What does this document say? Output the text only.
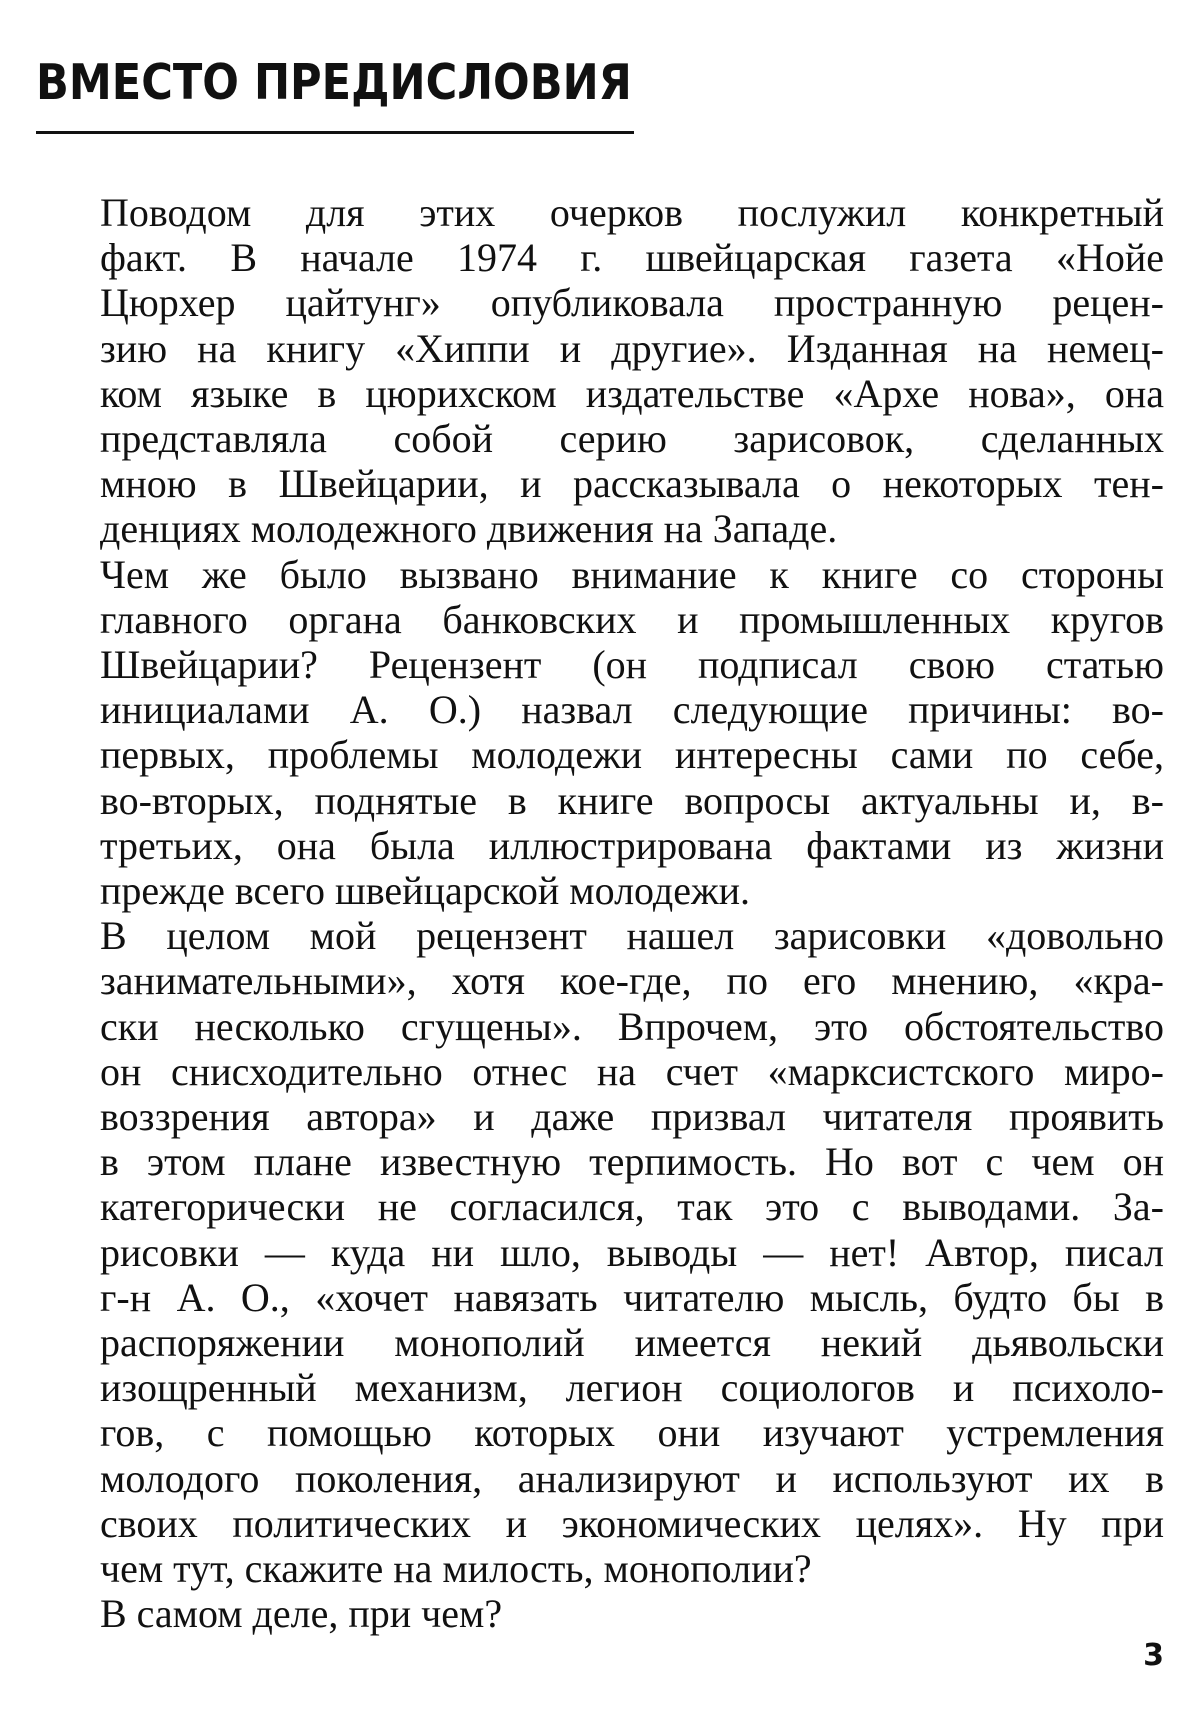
ВМЕСТО ПРЕДИСЛОВИЯ

Поводом для этих очерков послужил конкретный
факт. В начале 1974 г. швейцарская газета «Нойе
Цюрхер цайтунг» опубликовала пространную рецен-
зию на книгу «Хиппи и другие». Изданная на немец-
ком языке в цюрихском издательстве «Архе нова», она
представляла собой серию зарисовок, сделанных
мною в Швейцарии, и рассказывала о некоторых тен-
денциях молодежного движения на Западе.

Чем же было вызвано внимание к книге со стороны
главного органа банковских и промышленных кругов
Швейцарии? Рецензент (он подписал свою статью
инициалами А. О.) назвал следующие причины: во-
первых, проблемы молодежи интересны сами по себе,
во-вторых, поднятые в книге вопросы актуальны и, в-
третьих, она была иллюстрирована фактами из жизни
прежде всего швейцарской молодежи.

В целом мой рецензент нашел зарисовки «довольно
занимательными», хотя кое-где, по его мнению, «кра-
ски несколько сгущены». Впрочем, это обстоятельство
он снисходительно отнес на счет «марксистского миро-
воззрения автора» и даже призвал читателя проявить
в этом плане известную терпимость. Но вот с чем он
категорически не согласился, так это с выводами. За-
рисовки — куда ни шло, выводы — нет! Автор, писал
г-н А. О., «хочет навязать читателю мысль, будто бы в
распоряжении монополий имеется некий дьявольски
изощренный механизм, легион социологов и психоло-
гов, с помощью которых они изучают устремления
молодого поколения, анализируют и используют их в
своих политических и экономических целях». Ну при
чем тут, скажите на милость, монополии?

В самом деле, при чем?

3
